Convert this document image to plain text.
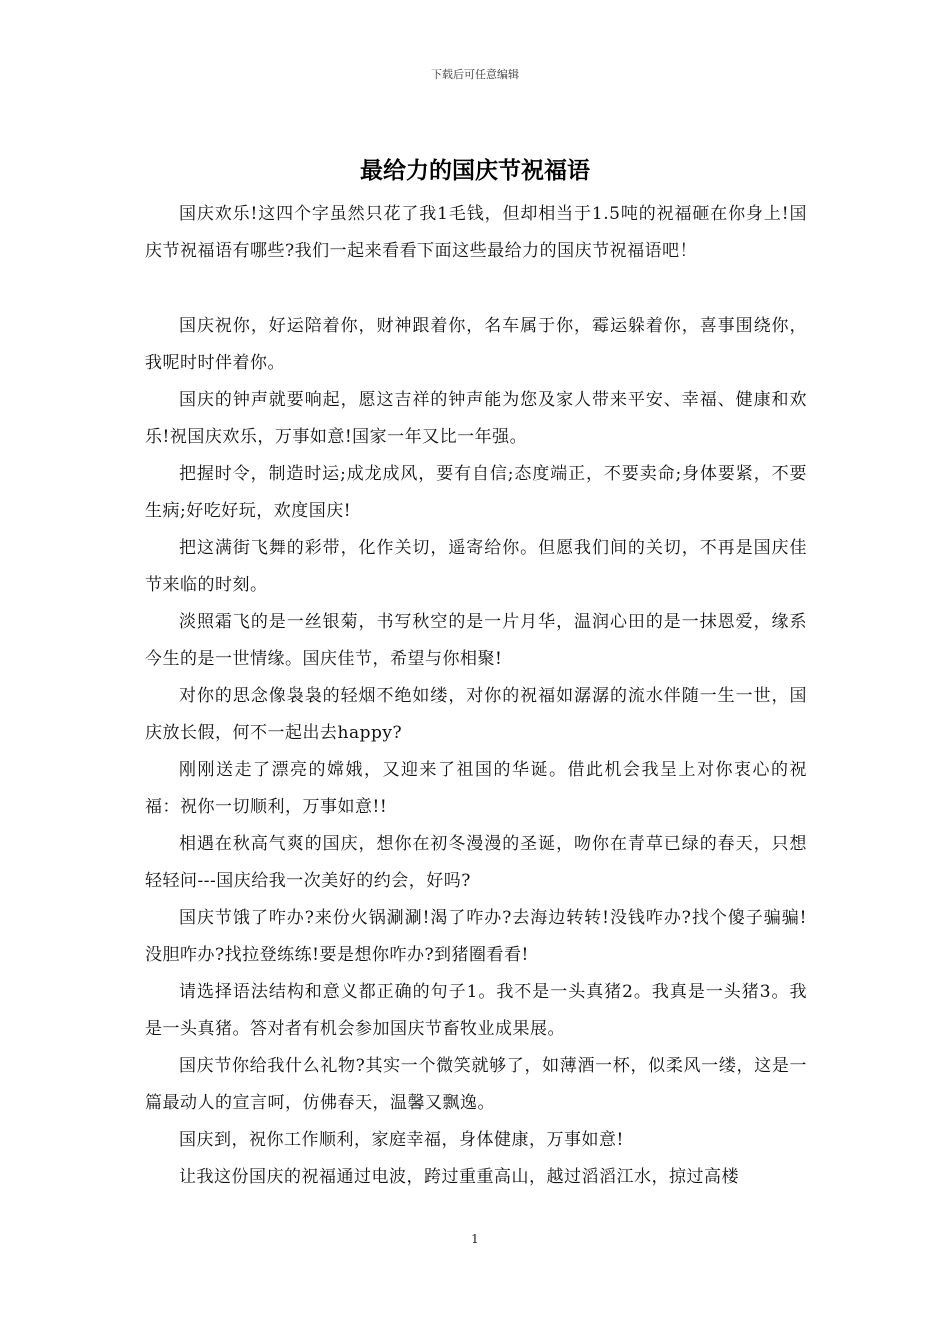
下载后可任意编辑
最给力的国庆节祝福语

国庆欢乐!这四个字虽然只花了我1毛钱，但却相当于1.5吨的祝福砸在你身上!国庆节祝福语有哪些?我们一起来看看下面这些最给力的国庆节祝福语吧！

国庆祝你，好运陪着你，财神跟着你，名车属于你，霉运躲着你，喜事围绕你，我呢时时伴着你。

国庆的钟声就要响起，愿这吉祥的钟声能为您及家人带来平安、幸福、健康和欢乐!祝国庆欢乐，万事如意!国家一年又比一年强。

把握时令，制造时运;成龙成风，要有自信;态度端正，不要卖命;身体要紧，不要生病;好吃好玩，欢度国庆!

把这满街飞舞的彩带，化作关切，遥寄给你。但愿我们间的关切，不再是国庆佳节来临的时刻。

淡照霜飞的是一丝银菊，书写秋空的是一片月华，温润心田的是一抹恩爱，缘系今生的是一世情缘。国庆佳节，希望与你相聚!

对你的思念像袅袅的轻烟不绝如缕，对你的祝福如潺潺的流水伴随一生一世，国庆放长假，何不一起出去happy?

刚刚送走了漂亮的嫦娥，又迎来了祖国的华诞。借此机会我呈上对你衷心的祝福：祝你一切顺利，万事如意!!

相遇在秋高气爽的国庆，想你在初冬漫漫的圣诞，吻你在青草已绿的春天，只想轻轻问---国庆给我一次美好的约会，好吗?

国庆节饿了咋办?来份火锅涮涮!渴了咋办?去海边转转!没钱咋办?找个傻子骗骗!没胆咋办?找拉登练练!要是想你咋办?到猪圈看看!

请选择语法结构和意义都正确的句子1。我不是一头真猪2。我真是一头猪3。我是一头真猪。答对者有机会参加国庆节畜牧业成果展。

国庆节你给我什么礼物?其实一个微笑就够了，如薄酒一杯，似柔风一缕，这是一篇最动人的宣言呵，仿佛春天，温馨又飘逸。

国庆到，祝你工作顺利，家庭幸福，身体健康，万事如意!

让我这份国庆的祝福通过电波，跨过重重高山，越过滔滔江水，掠过高楼

1
